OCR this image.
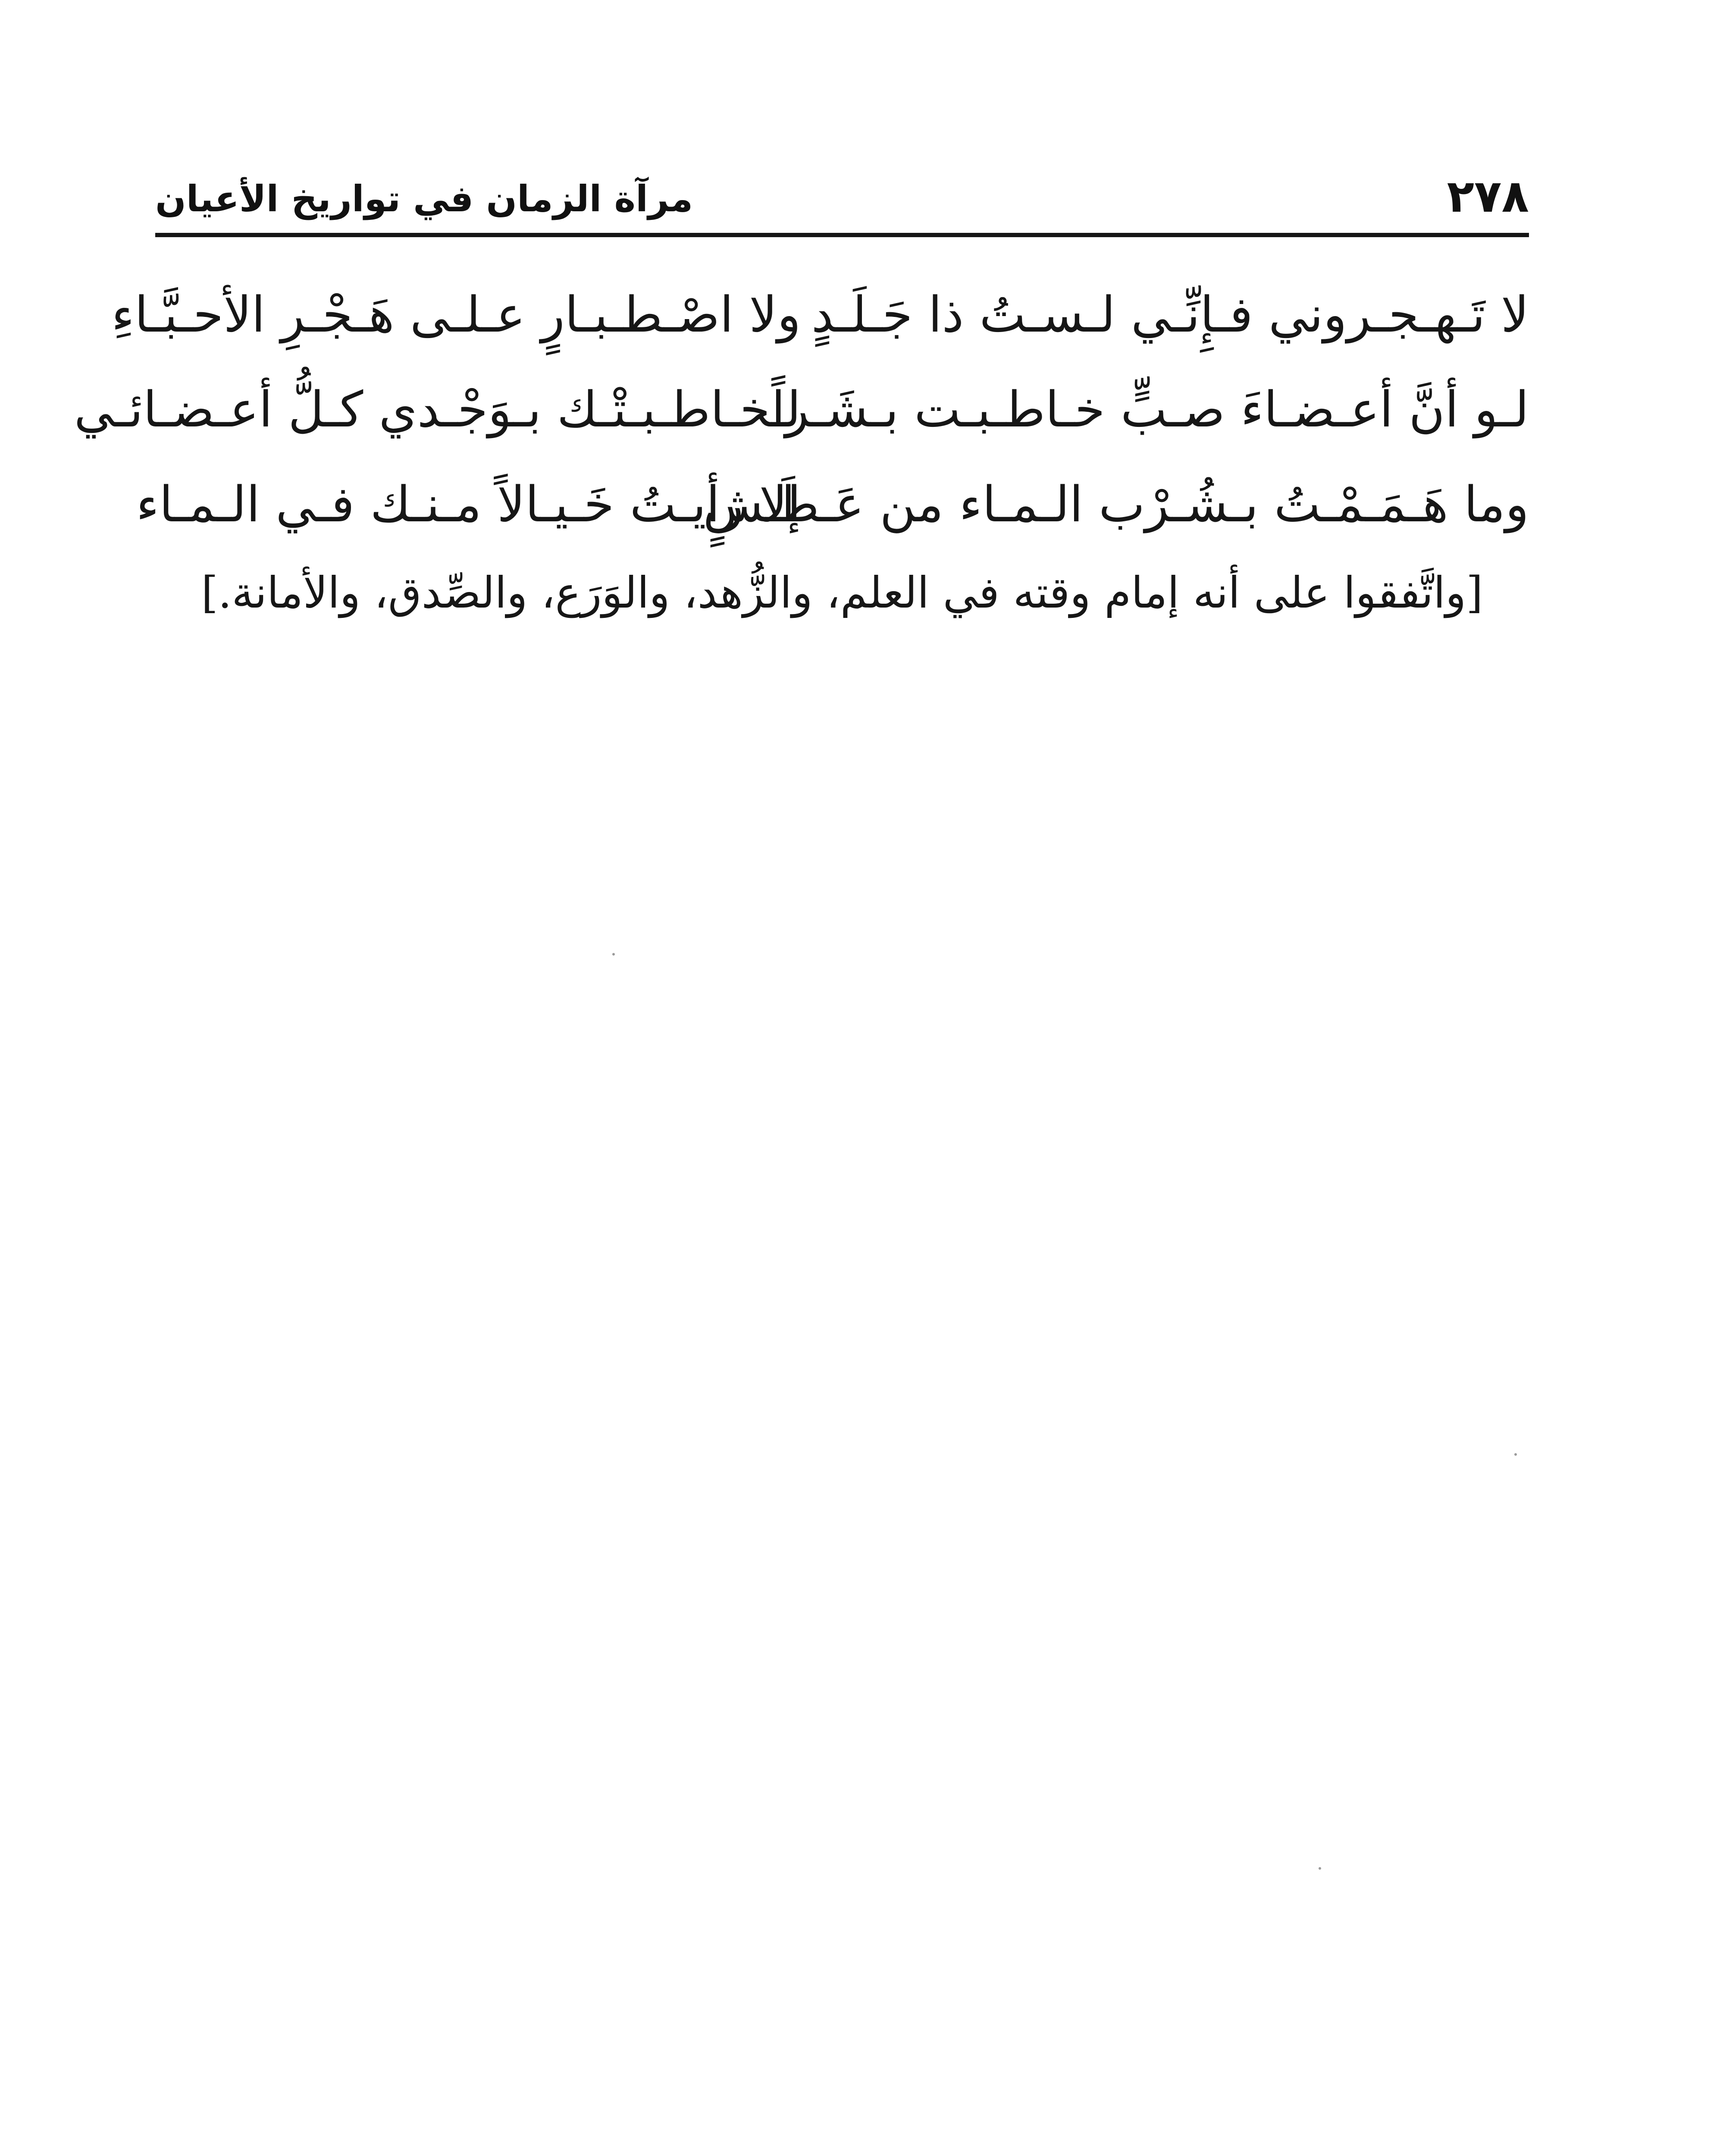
٢٧٨
مرآة الزمان في تواريخ الأعيان
لا تَـهـجـروني فـإِنِّـي لـسـتُ ذا جَـلَـدٍ
ولا اصْـطـبـارٍ عـلـى هَـجْـرِ الأحـبَّـاءِ
لـو أنَّ أعـضـاءَ صـبٍّ خـاطـبـت بـشَـراً
لـخـاطـبـتْـك بـوَجْـدي كـلُّ أعـضـائـي
وما هَـمَـمْـتُ بـشُـرْب الـمـاء من عَـطَـشٍ
إلا رأيـتُ خَـيـالاً مـنـك فـي الـمـاء
[واتَّفقوا على أنه إمام وقته في العلم، والزُّهد، والوَرَع، والصِّدق، والأمانة.]
